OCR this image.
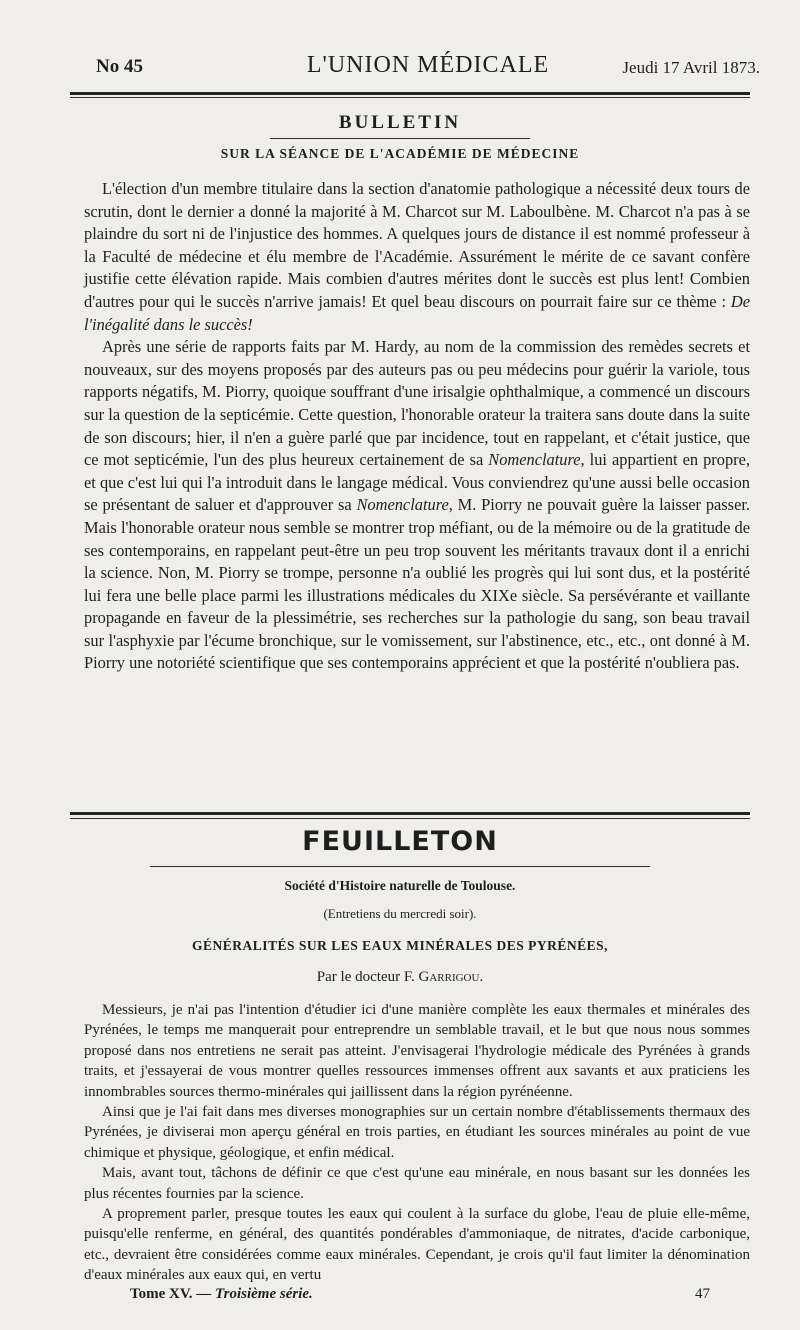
No 45	L'UNION MÉDICALE	Jeudi 17 Avril 1873.
BULLETIN
SUR LA SÉANCE DE L'ACADÉMIE DE MÉDECINE

L'élection d'un membre titulaire dans la section d'anatomie pathologique a nécessité deux tours de scrutin, dont le dernier a donné la majorité à M. Charcot sur M. Laboulbène. M. Charcot n'a pas à se plaindre du sort ni de l'injustice des hommes. A quelques jours de distance il est nommé professeur à la Faculté de médecine et élu membre de l'Académie. Assurément le mérite de ce savant confère justifie cette élévation rapide. Mais combien d'autres mérites dont le succès est plus lent! Combien d'autres pour qui le succès n'arrive jamais! Et quel beau discours on pourrait faire sur ce thème : De l'inégalité dans le succès!

Après une série de rapports faits par M. Hardy, au nom de la commission des remèdes secrets et nouveaux, sur des moyens proposés par des auteurs pas ou peu médecins pour guérir la variole, tous rapports négatifs, M. Piorry, quoique souffrant d'une irisalgie ophthalmique, a commencé un discours sur la question de la septicémie. Cette question, l'honorable orateur la traitera sans doute dans la suite de son discours; hier, il n'en a guère parlé que par incidence, tout en rappelant, et c'était justice, que ce mot septicémie, l'un des plus heureux certainement de sa Nomenclature, lui appartient en propre, et que c'est lui qui l'a introduit dans le langage médical. Vous conviendrez qu'une aussi belle occasion se présentant de saluer et d'approuver sa Nomenclature, M. Piorry ne pouvait guère la laisser passer. Mais l'honorable orateur nous semble se montrer trop méfiant, ou de la mémoire ou de la gratitude de ses contemporains, en rappelant peut-être un peu trop souvent les méritants travaux dont il a enrichi la science. Non, M. Piorry se trompe, personne n'a oublié les progrès qui lui sont dus, et la postérité lui fera une belle place parmi les illustrations médicales du XIXe siècle. Sa persévérante et vaillante propagande en faveur de la plessimétrie, ses recherches sur la pathologie du sang, son beau travail sur l'asphyxie par l'écume bronchique, sur le vomissement, sur l'abstinence, etc., etc., ont donné à M. Piorry une notoriété scientifique que ses contemporains apprécient et que la postérité n'oubliera pas.

FEUILLETON
Société d'Histoire naturelle de Toulouse.
(Entretiens du mercredi soir).
GÉNÉRALITÉS SUR LES EAUX MINÉRALES DES PYRÉNÉES,
Par le docteur F. Garrigou.

Messieurs, je n'ai pas l'intention d'étudier ici d'une manière complète les eaux thermales et minérales des Pyrénées, le temps me manquerait pour entreprendre un semblable travail, et le but que nous nous sommes proposé dans nos entretiens ne serait pas atteint. J'envisagerai l'hydrologie médicale des Pyrénées à grands traits, et j'essayerai de vous montrer quelles ressources immenses offrent aux savants et aux praticiens les innombrables sources thermo-minérales qui jaillissent dans la région pyrénéenne.

Ainsi que je l'ai fait dans mes diverses monographies sur un certain nombre d'établissements thermaux des Pyrénées, je diviserai mon aperçu général en trois parties, en étudiant les sources minérales au point de vue chimique et physique, géologique, et enfin médical.

Mais, avant tout, tâchons de définir ce que c'est qu'une eau minérale, en nous basant sur les données les plus récentes fournies par la science.

A proprement parler, presque toutes les eaux qui coulent à la surface du globe, l'eau de pluie elle-même, puisqu'elle renferme, en général, des quantités pondérables d'ammoniaque, de nitrates, d'acide carbonique, etc., devraient être considérées comme eaux minérales. Cependant, je crois qu'il faut limiter la dénomination d'eaux minérales aux eaux qui, en vertu

Tome XV. — Troisième série.	47
